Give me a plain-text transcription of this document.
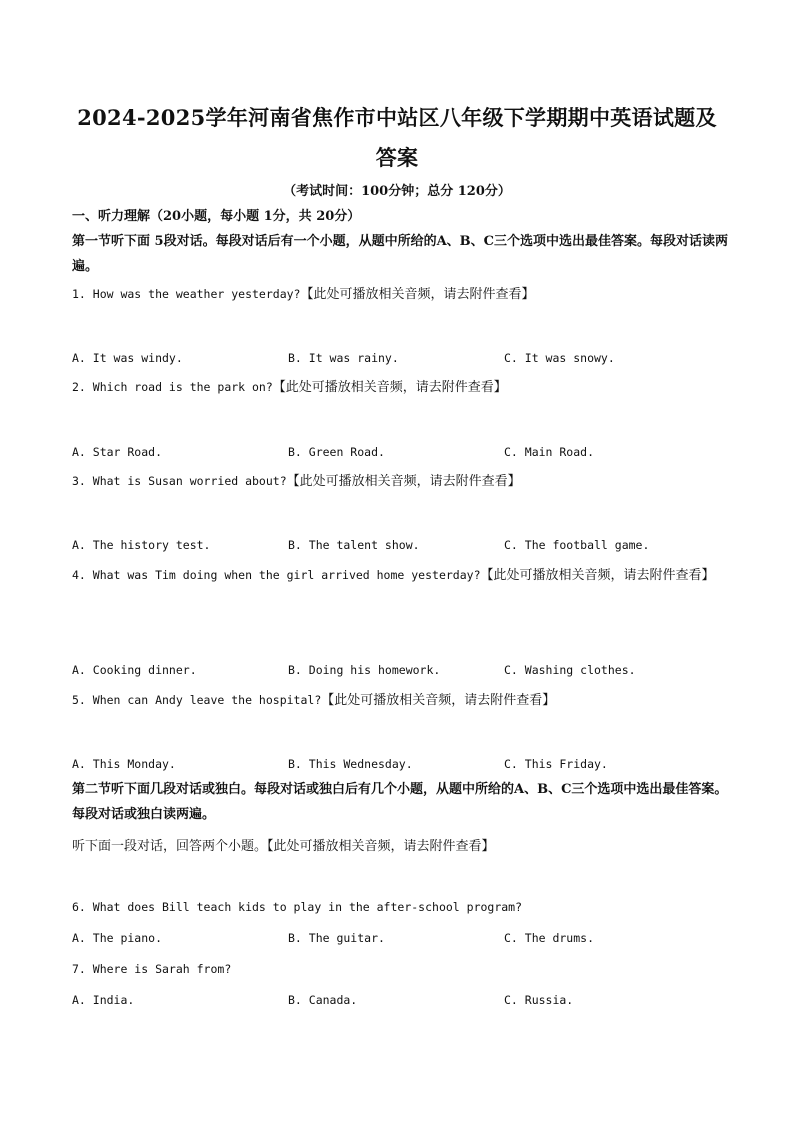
2024-2025学年河南省焦作市中站区八年级下学期期中英语试题及答案
（考试时间：100分钟；总分 120分）
一、听力理解（20小题，每小题 1分，共 20分）
第一节听下面 5段对话。每段对话后有一个小题，从题中所给的A、B、C三个选项中选出最佳答案。每段对话读两遍。
1. How was the weather yesterday?【此处可播放相关音频，请去附件查看】
A. It was windy.	B. It was rainy.	C. It was snowy.
2. Which road is the park on?【此处可播放相关音频，请去附件查看】
A. Star Road.	B. Green Road.	C. Main Road.
3. What is Susan worried about?【此处可播放相关音频，请去附件查看】
A. The history test.	B. The talent show.	C. The football game.
4. What was Tim doing when the girl arrived home yesterday?【此处可播放相关音频，请去附件查看】
A. Cooking dinner.	B. Doing his homework.	C. Washing clothes.
5. When can Andy leave the hospital?【此处可播放相关音频，请去附件查看】
A. This Monday.	B. This Wednesday.	C. This Friday.
第二节听下面几段对话或独白。每段对话或独白后有几个小题，从题中所给的A、B、C三个选项中选出最佳答案。每段对话或独白读两遍。
听下面一段对话，回答两个小题。【此处可播放相关音频，请去附件查看】
6. What does Bill teach kids to play in the after-school program?
A. The piano.	B. The guitar.	C. The drums.
7. Where is Sarah from?
A. India.	B. Canada.	C. Russia.
